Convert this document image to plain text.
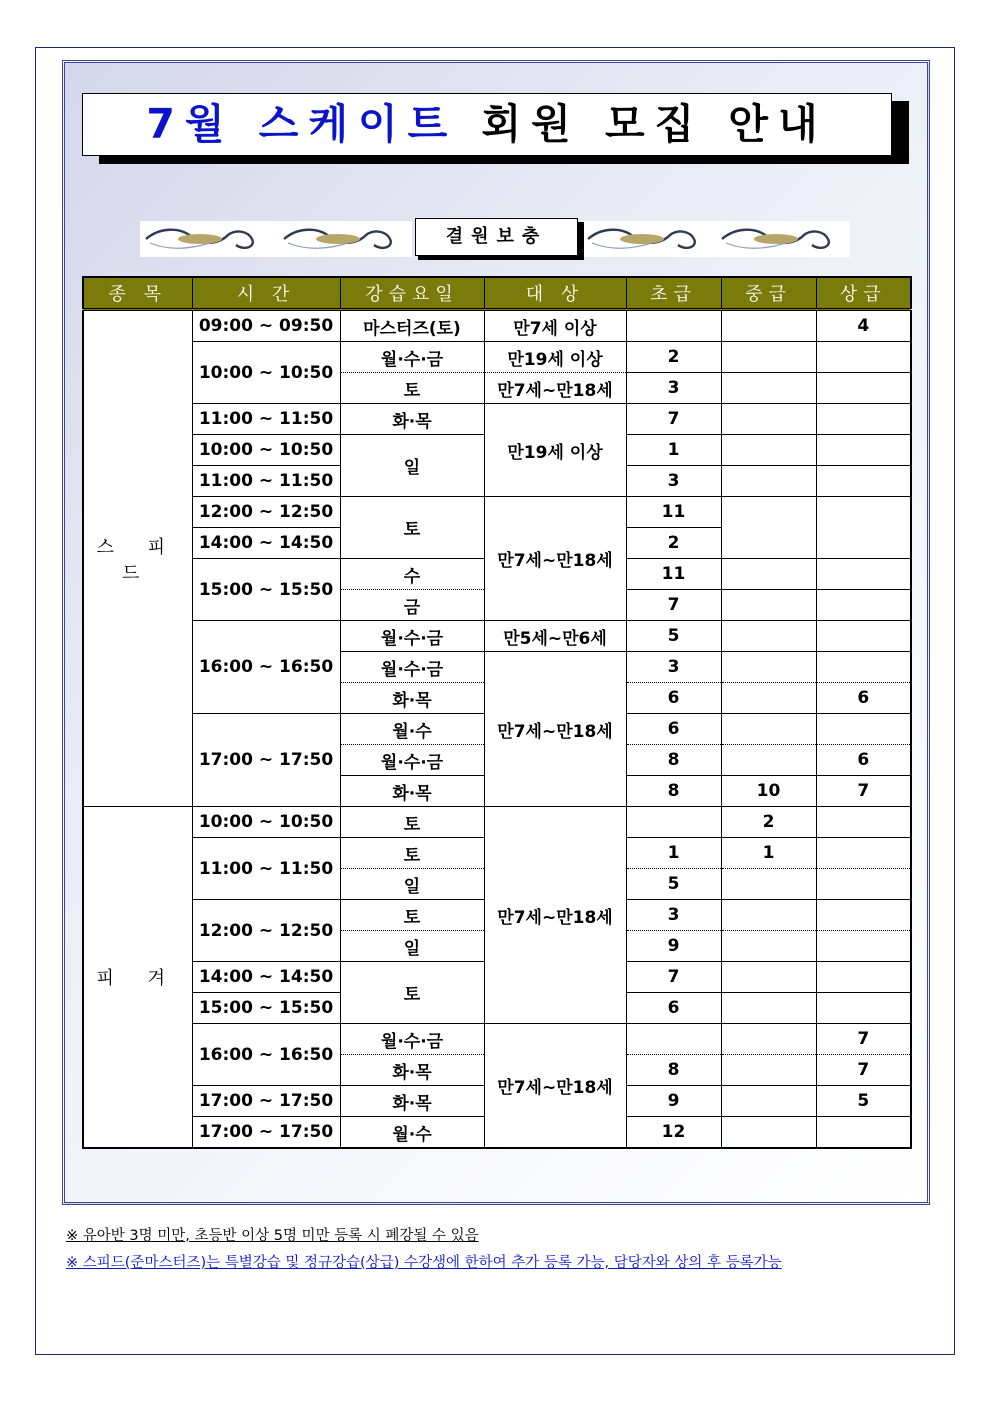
7월 스케이트 회원 모집 안내
결원보충
종 목	시 간	강습요일	대 상	초급	중급	상급
스 피 드	09:00 ~ 09:50	마스터즈(토)	만7세 이상			4
	10:00 ~ 10:50	월·수·금	만19세 이상	2		
		토	만7세~만18세	3		
	11:00 ~ 11:50	화·목	만19세 이상	7		
	10:00 ~ 10:50	일		1		
	11:00 ~ 11:50			3		
	12:00 ~ 12:50	토	만7세~만18세	11		
	14:00 ~ 14:50			2		
	15:00 ~ 15:50	수		11		
		금		7		
	16:00 ~ 16:50	월·수·금	만5세~만6세	5		
		월·수·금	만7세~만18세	3		
		화·목		6		6
	17:00 ~ 17:50	월·수		6		
		월·수·금		8		6
		화·목		8	10	7
피 겨	10:00 ~ 10:50	토	만7세~만18세		2	
	11:00 ~ 11:50	토		1	1	
		일		5		
	12:00 ~ 12:50	토		3		
		일		9		
	14:00 ~ 14:50	토		7		
	15:00 ~ 15:50			6		
	16:00 ~ 16:50	월·수·금	만7세~만18세			7
		화·목		8		7
	17:00 ~ 17:50	화·목		9		5
	17:00 ~ 17:50	월·수		12		
※ 유아반 3명 미만, 초등반 이상 5명 미만 등록 시 폐강될 수 있음
※ 스피드(준마스터즈)는 특별강습 및 정규강습(상급) 수강생에 한하여 추가 등록 가능, 담당자와 상의 후 등록가능
